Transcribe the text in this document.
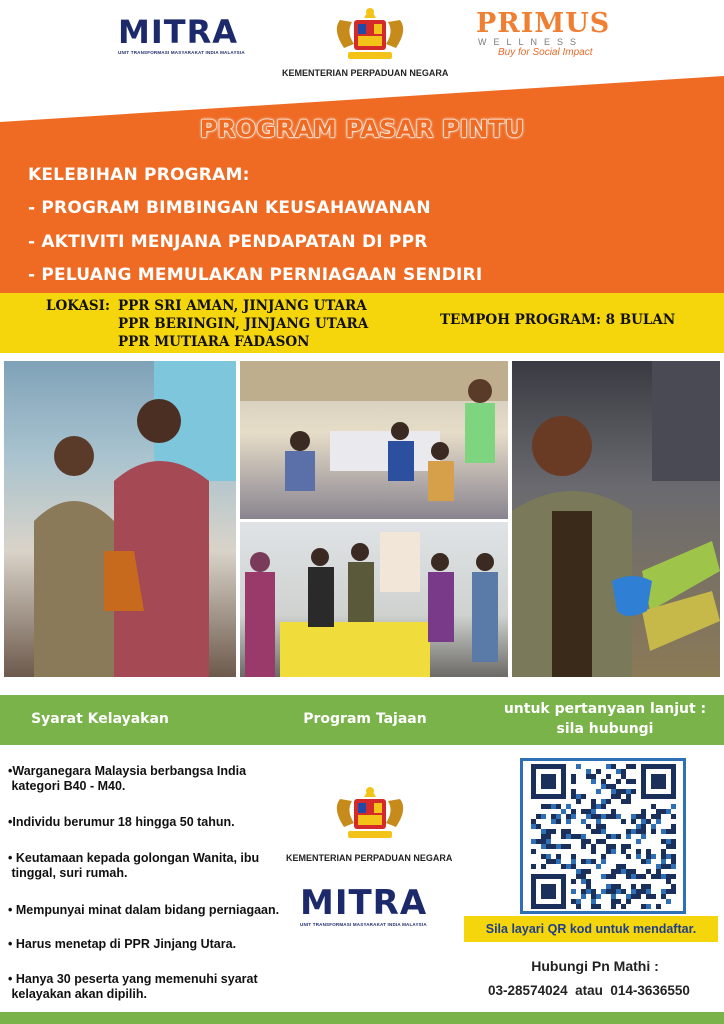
MITRA
UNIT TRANSFORMASI MASYARAKAT INDIA MALAYSIA
KEMENTERIAN PERPADUAN NEGARA
PRIMUS
WELLNESS
Buy for Social Impact
PROGRAM PASAR PINTU
KELEBIHAN PROGRAM:
- PROGRAM BIMBINGAN KEUSAHAWANAN
- AKTIVITI MENJANA PENDAPATAN DI PPR
- PELUANG MEMULAKAN PERNIAGAAN SENDIRI
LOKASI: PPR SRI AMAN, JINJANG UTARA
PPR BERINGIN, JINJANG UTARA
PPR MUTIARA FADASON
TEMPOH PROGRAM: 8 BULAN
Syarat Kelayakan	Program Tajaan
untuk pertanyaan lanjut :
sila hubungi
•Warganegara Malaysia berbangsa India
kategori B40 - M40.
•Individu berumur 18 hingga 50 tahun.
• Keutamaan kepada golongan Wanita, ibu
tinggal, suri rumah.
• Mempunyai minat dalam bidang perniagaan.
• Harus menetap di PPR Jinjang Utara.
• Hanya 30 peserta yang memenuhi syarat
kelayakan akan dipilih.
KEMENTERIAN PERPADUAN NEGARA
MITRA
UNIT TRANSFORMASI MASYARAKAT INDIA MALAYSIA	Sila layari QR kod untuk mendaftar.
Hubungi Pn Mathi :
03-28574024  atau  014-3636550
